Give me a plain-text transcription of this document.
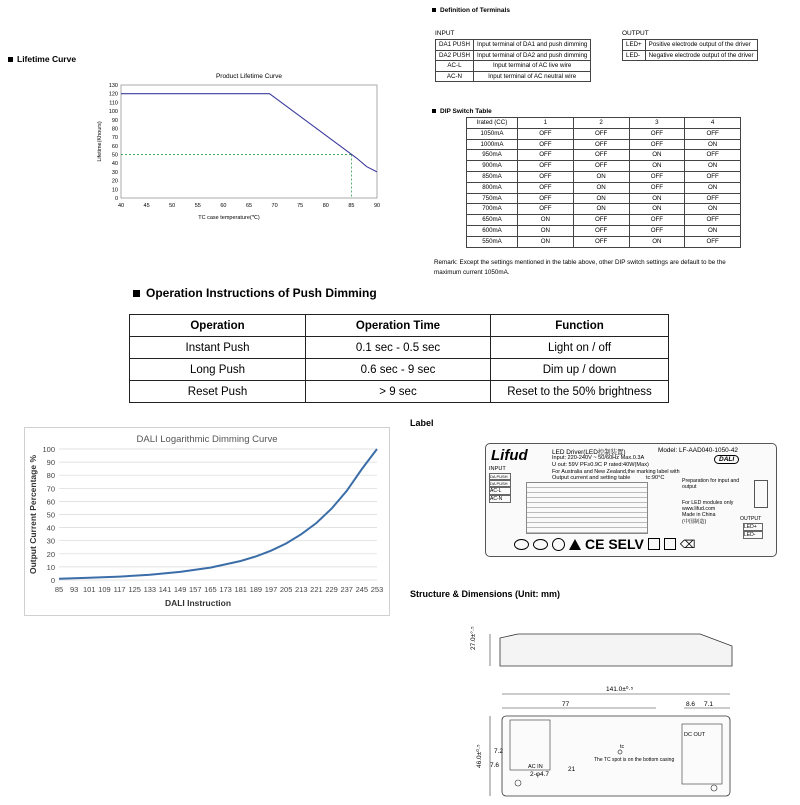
Lifetime Curve
Product Lifetime Curve
0
10
20
30
40
50
60
70
80
90
100
110
120
130
40	45	50	55	60	65	70	75	80	85	90
TC case temperature(℃)
Lifetime(Khours)
Definition of Terminals
INPUT	OUTPUT
DA1 PUSH	Input terminal of DA1 and push dimming
DA2 PUSH	Input terminal of DA2 and push dimming
AC-L	Input terminal of AC live wire
AC-N	Input terminal of AC neutral wire
LED+	Positive electrode output of the driver
LED-	Negative electrode output of the driver
DIP Switch Table
Irated (CC)	1	2	3	4
1050mA	OFF	OFF	OFF	OFF
1000mA	OFF	OFF	OFF	ON
950mA	OFF	OFF	ON	OFF
900mA	OFF	OFF	ON	ON
850mA	OFF	ON	OFF	OFF
800mA	OFF	ON	OFF	ON
750mA	OFF	ON	ON	OFF
700mA	OFF	ON	ON	ON
650mA	ON	OFF	OFF	OFF
600mA	ON	OFF	OFF	ON
550mA	ON	OFF	ON	OFF
Remark: Except the settings mentioned in the table above, other DIP switch settings are default to be the
maximum current 1050mA.
Operation Instructions of Push Dimming
Operation	Operation Time	Function
Instant Push	0.1 sec - 0.5 sec	Light on / off
Long Push	0.6 sec - 9 sec	Dim up / down
Reset Push	> 9 sec	Reset to the 50% brightness
DALI Logarithmic Dimming Curve
0
10
20
30
40
50
60
70
80
90
100
85 93 101 109 117 125 133 141 149 157 165 173 181 189 197 205 213 221 229 237 245 253
DALI Instruction
Output Current Percentage %
Label
Lifud	LED Driver(LED控制装置)	Model: LF-AAD040-1050-42
Input: 220-240V ~ 50/60Hz Max.0.3A
U out: 59V PF≥0.9C P rated:40W(Max)
DALI
For Australia and New Zealand,the marking label with
Output current and setting table	tc:90°C
INPUT
DA PUSH
DA PUSH
AC-L
AC-N
Preparation for input and output
For LED modules only
www.lifud.com
Made in China
(中国制造)	OUTPUT
LED+
LED-
CE SELV	⌫
Structure & Dimensions (Unit: mm)
27.0±°·⁵
141.0±⁰·⁵
77	8.6 7.1
46.0±⁰·⁵ 7.2
7.6
21
2-φ4.7
tc
The TC spot is on the bottom casing
AC IN
DC OUT
